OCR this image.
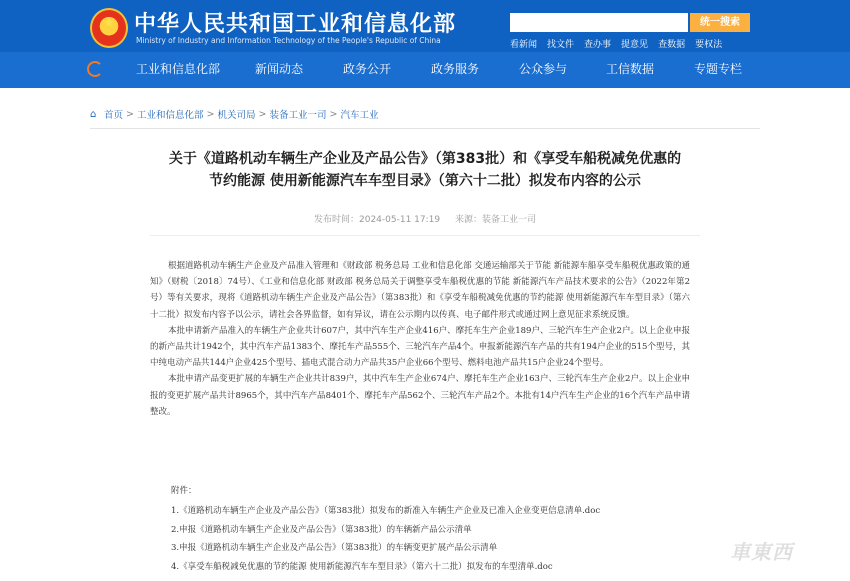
★
中华人民共和国工业和信息化部
Ministry of Industry and Information Technology of the People's Republic of China
统一搜索
看新闻 找文件 查办事 提意见 查数据 要权法
工业和信息化部	新闻动态	政务公开	政务服务	公众参与	工信数据	专题专栏
⌂ 首页 > 工业和信息化部 > 机关司局 > 装备工业一司 > 汽车工业
关于《道路机动车辆生产企业及产品公告》（第383批）和《享受车船税减免优惠的
节约能源 使用新能源汽车车型目录》（第六十二批）拟发布内容的公示
发布时间：2024-05-11 17:19 来源：装备工业一司

根据道路机动车辆生产企业及产品准入管理和《财政部 税务总局 工业和信息化部 交通运输部关于节能 新能源车船享受车船税优惠政策的通知》（财税〔2018〕74号）、《工业和信息化部 财政部 税务总局关于调整享受车船税优惠的节能 新能源汽车产品技术要求的公告》（2022年第2号）等有关要求，现将《道路机动车辆生产企业及产品公告》（第383批）和《享受车船税减免优惠的节约能源 使用新能源汽车车型目录》（第六十二批）拟发布内容予以公示，请社会各界监督，如有异议，请在公示期内以传真、电子邮件形式或通过网上意见征求系统反馈。

本批申请新产品准入的车辆生产企业共计607户，其中汽车生产企业416户、摩托车生产企业189户、三轮汽车生产企业2户。以上企业申报的新产品共计1942个，其中汽车产品1383个、摩托车产品555个、三轮汽车产品4个。申报新能源汽车产品的共有194户企业的515个型号，其中纯电动产品共144户企业425个型号、插电式混合动力产品共35户企业66个型号、燃料电池产品共15户企业24个型号。

本批申请产品变更扩展的车辆生产企业共计839户，其中汽车生产企业674户、摩托车生产企业163户、三轮汽车生产企业2户。以上企业申报的变更扩展产品共计8965个，其中汽车产品8401个、摩托车产品562个、三轮汽车产品2个。本批有14户汽车生产企业的16个汽车产品申请整改。

附件：
1.《道路机动车辆生产企业及产品公告》（第383批）拟发布的新准入车辆生产企业及已准入企业变更信息清单.doc
2.申报《道路机动车辆生产企业及产品公告》（第383批）的车辆新产品公示清单
3.申报《道路机动车辆生产企业及产品公告》（第383批）的车辆变更扩展产品公示清单
4.《享受车船税减免优惠的节约能源 使用新能源汽车车型目录》（第六十二批）拟发布的车型清单.doc
車東西
